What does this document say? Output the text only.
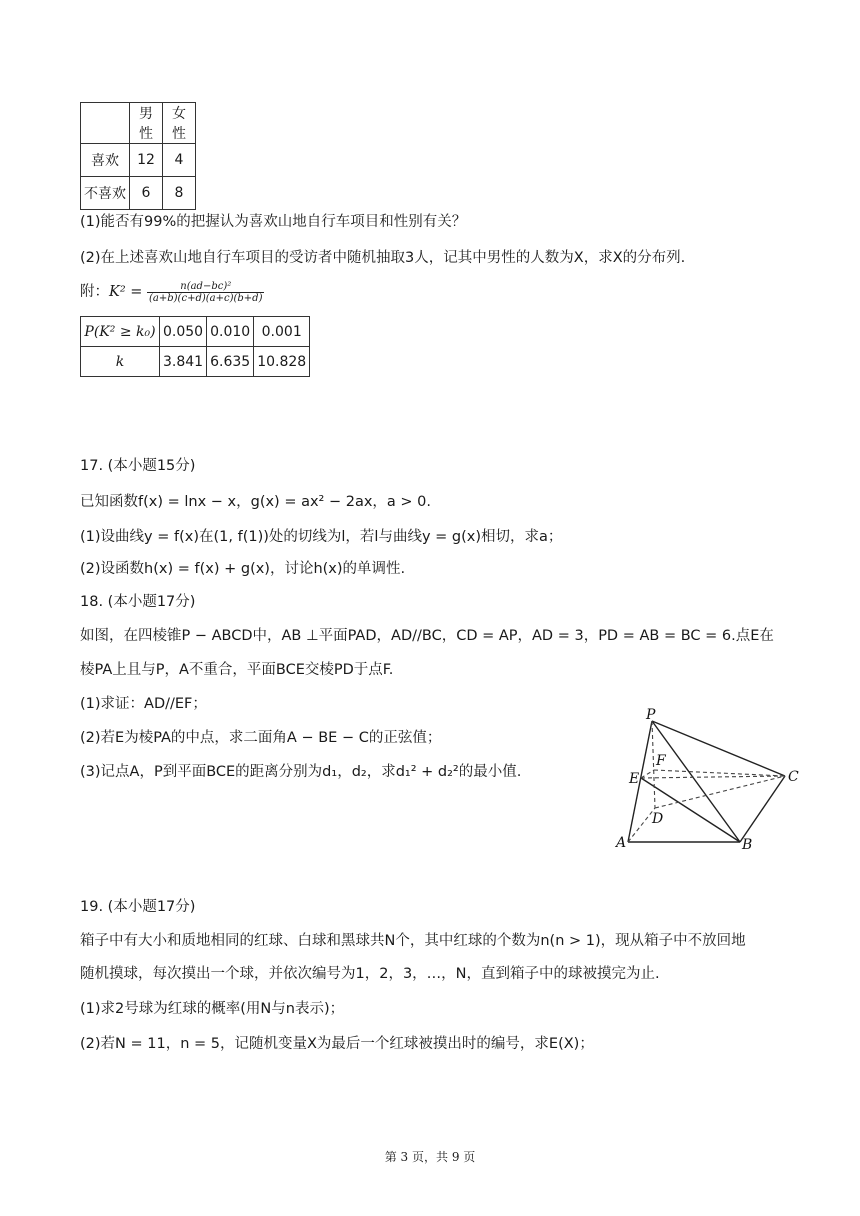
	男性	女性
喜欢	12	4
不喜欢	6	8
(1)能否有99%的把握认为喜欢山地自行车项目和性别有关？
(2)在上述喜欢山地自行车项目的受访者中随机抽取3人，记其中男性的人数为X，求X的分布列.
附：$K^2 = \frac{\text{n(ad−bc)²}}{(a+b)(c+d)(a+c)(b+d)}$
P(K² ≥ k₀)	0.050	0.010	0.001
k	3.841	6.635	10.828
17. (本小题15分)
已知函数f(x) = lnx − x，g(x) = ax² − 2ax，a > 0.
(1)设曲线y = f(x)在(1, f(1))处的切线为l，若l与曲线y = g(x)相切，求a；
(2)设函数h(x) = f(x) + g(x)，讨论h(x)的单调性.
18. (本小题17分)
如图，在四棱锥P − ABCD中，AB ⊥平面PAD，AD//BC，CD = AP，AD = 3，PD = AB = BC = 6.点E在
棱PA上且与P，A不重合，平面BCE交棱PD于点F.
(1)求证：AD//EF；
(2)若E为棱PA的中点，求二面角A − BE − C的正弦值；
(3)记点A，P到平面BCE的距离分别为d₁，d₂，求d₁² + d₂²的最小值.
P
E
F
C
D
A	B
19. (本小题17分)
箱子中有大小和质地相同的红球、白球和黑球共N个，其中红球的个数为n(n > 1)，现从箱子中不放回地
随机摸球，每次摸出一个球，并依次编号为1，2，3，…，N，直到箱子中的球被摸完为止.
(1)求2号球为红球的概率(用N与n表示)；
(2)若N = 11，n = 5，记随机变量X为最后一个红球被摸出时的编号，求E(X)；
第 3 页，共 9 页
